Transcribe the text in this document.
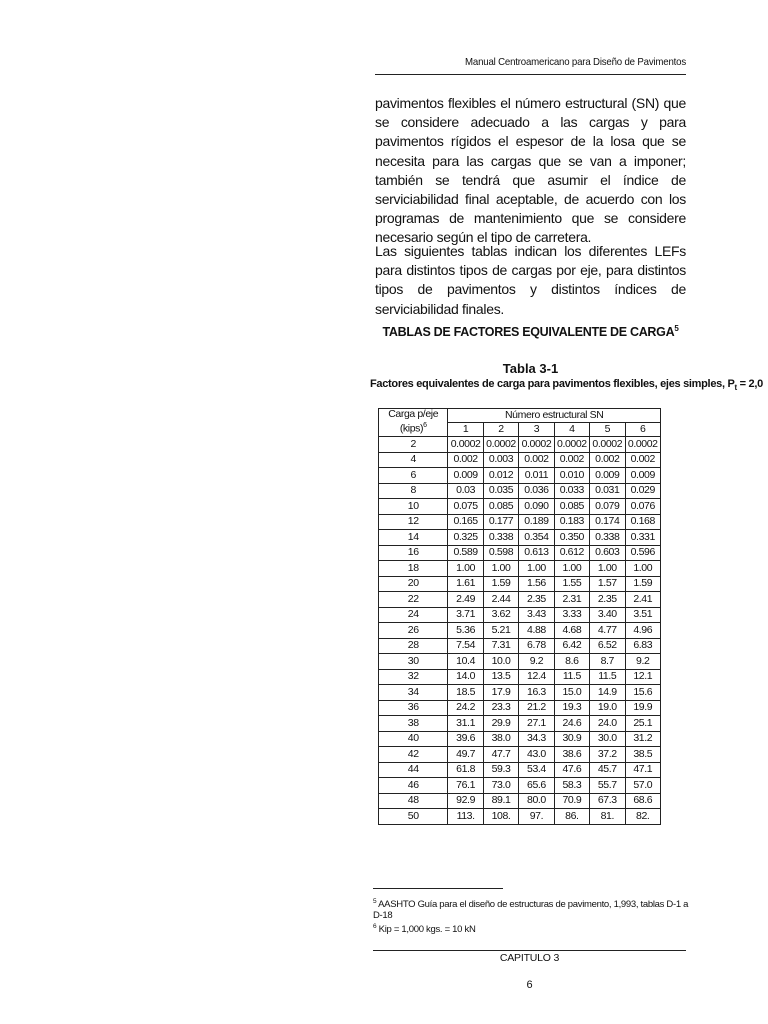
Manual Centroamericano para Diseño de Pavimentos

pavimentos flexibles el número estructural (SN) que se considere adecuado a las cargas y para pavimentos rígidos el espesor de la losa que se necesita para las cargas que se van a imponer; también se tendrá que asumir el índice de serviciabilidad final aceptable, de acuerdo con los programas de mantenimiento que se considere necesario según el tipo de carretera.

Las siguientes tablas indican los diferentes LEFs para distintos tipos de cargas por eje, para distintos tipos de pavimentos y distintos índices de serviciabilidad finales.

TABLAS DE FACTORES EQUIVALENTE DE CARGA$^5$
Tabla 3-1
Factores equivalentes de carga para pavimentos flexibles, ejes simples, $P_t = 2,0$
Carga p/eje
(kips)$^6$	Número estructural SN					
	1	2	3	4	5	6
2	0.0002	0.0002	0.0002	0.0002	0.0002	0.0002
4	0.002	0.003	0.002	0.002	0.002	0.002
6	0.009	0.012	0.011	0.010	0.009	0.009
8	0.03	0.035	0.036	0.033	0.031	0.029
10	0.075	0.085	0.090	0.085	0.079	0.076
12	0.165	0.177	0.189	0.183	0.174	0.168
14	0.325	0.338	0.354	0.350	0.338	0.331
16	0.589	0.598	0.613	0.612	0.603	0.596
18	1.00	1.00	1.00	1.00	1.00	1.00
20	1.61	1.59	1.56	1.55	1.57	1.59
22	2.49	2.44	2.35	2.31	2.35	2.41
24	3.71	3.62	3.43	3.33	3.40	3.51
26	5.36	5.21	4.88	4.68	4.77	4.96
28	7.54	7.31	6.78	6.42	6.52	6.83
30	10.4	10.0	9.2	8.6	8.7	9.2
32	14.0	13.5	12.4	11.5	11.5	12.1
34	18.5	17.9	16.3	15.0	14.9	15.6
36	24.2	23.3	21.2	19.3	19.0	19.9
38	31.1	29.9	27.1	24.6	24.0	25.1
40	39.6	38.0	34.3	30.9	30.0	31.2
42	49.7	47.7	43.0	38.6	37.2	38.5
44	61.8	59.3	53.4	47.6	45.7	47.1
46	76.1	73.0	65.6	58.3	55.7	57.0
48	92.9	89.1	80.0	70.9	67.3	68.6
50	113.	108.	97.	86.	81.	82.
$^5$ AASHTO Guía para el diseño de estructuras de pavimento, 1,993, tablas D-1 a D-18
$^6$ Kip = 1,000 kgs. = 10 kN
CAPITULO 3
6
